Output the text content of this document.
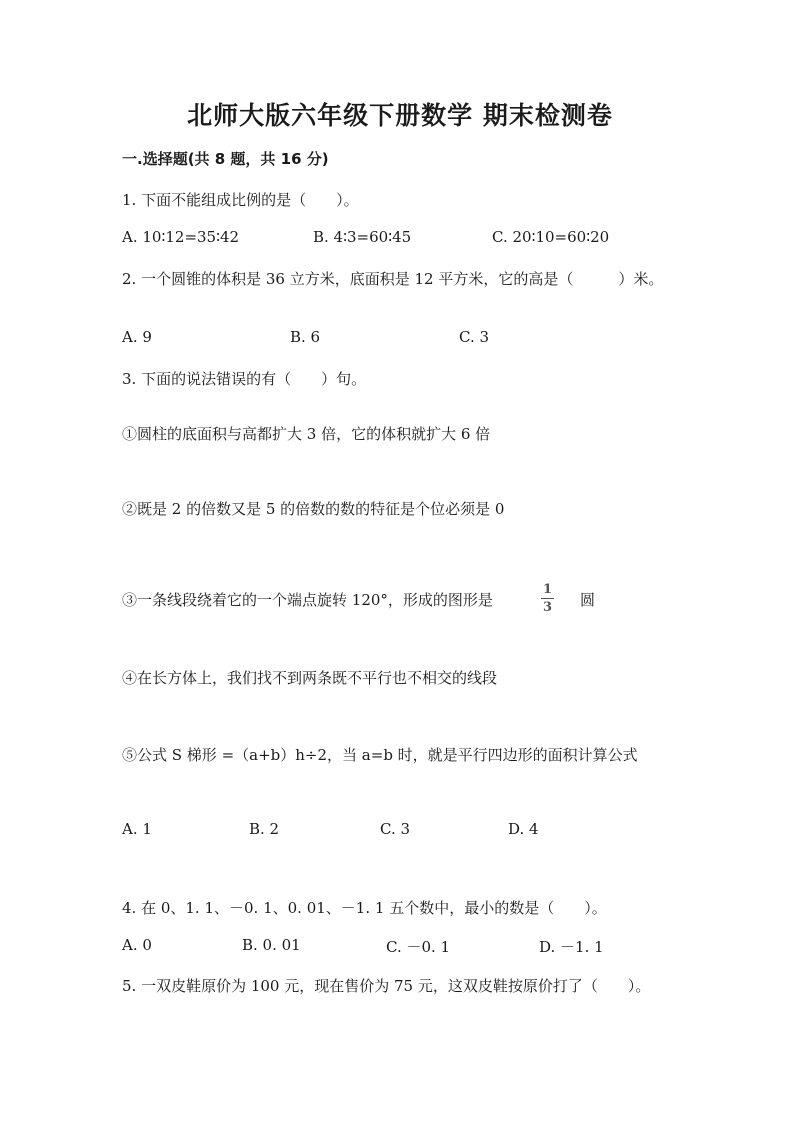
北师大版六年级下册数学 期末检测卷
一.选择题(共 8 题，共 16 分)
1. 下面不能组成比例的是（　　）。
A. 10∶12=35∶42	B. 4∶3=60∶45	C. 20∶10=60∶20
2. 一个圆锥的体积是 36 立方米，底面积是 12 平方米，它的高是（　　　）米。
A. 9	B. 6	C. 3
3. 下面的说法错误的有（　　）句。
①圆柱的底面积与高都扩大 3 倍，它的体积就扩大 6 倍
②既是 2 的倍数又是 5 的倍数的数的特征是个位必须是 0
③一条线段绕着它的一个端点旋转 120°，形成的图形是	$\frac{1}{3}$ 圆
④在长方体上，我们找不到两条既不平行也不相交的线段
⑤公式 S 梯形 =（a+b）h÷2，当 a=b 时，就是平行四边形的面积计算公式
A. 1	B. 2	C. 3	D. 4
4. 在 0、1. 1、－0. 1、0. 01、－1. 1 五个数中，最小的数是（　　）。
A. 0	B. 0. 01	C. －0. 1	D. －1. 1
5. 一双皮鞋原价为 100 元，现在售价为 75 元，这双皮鞋按原价打了（　　）。
